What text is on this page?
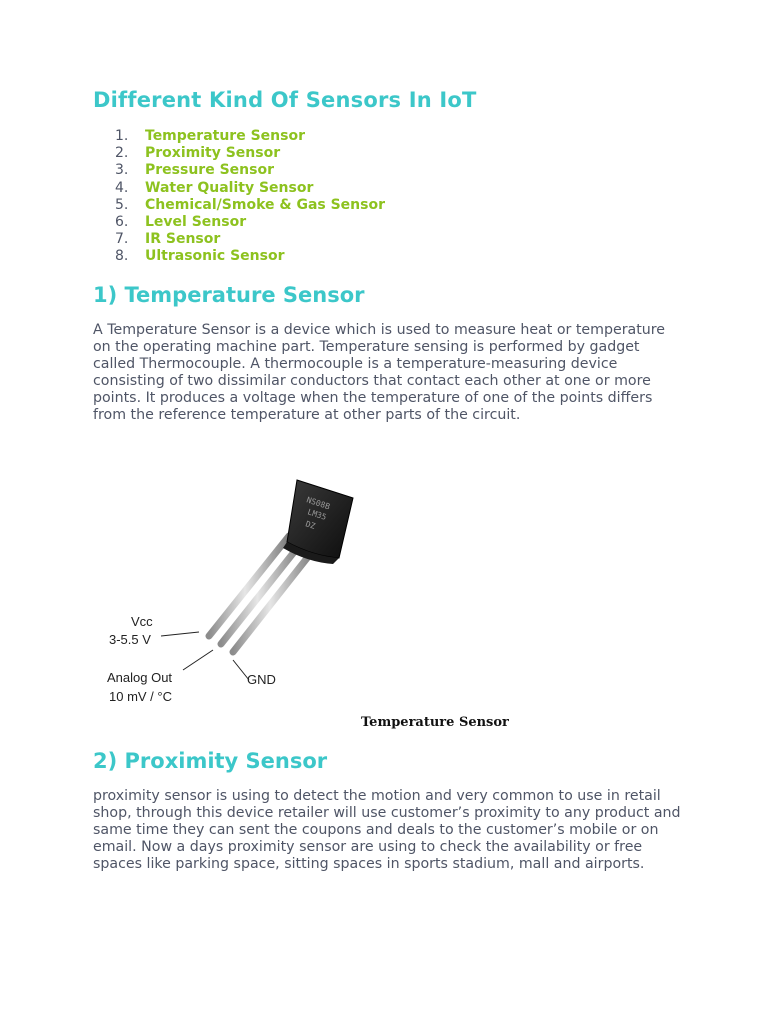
Different Kind Of Sensors In IoT
1. Temperature Sensor
2. Proximity Sensor
3. Pressure Sensor
4. Water Quality Sensor
5. Chemical/Smoke & Gas Sensor
6. Level Sensor
7. IR Sensor
8. Ultrasonic Sensor
1) Temperature Sensor

A Temperature Sensor is a device which is used to measure heat or temperature on the operating machine part. Temperature sensing is performed by gadget called Thermocouple. A thermocouple is a temperature-measuring device consisting of two dissimilar conductors that contact each other at one or more points. It produces a voltage when the temperature of one of the points differs from the reference temperature at other parts of the circuit.

NS08B
LM35
DZ
Vcc
3-5.5 V
Analog Out
10 mV / °C
GND
Temperature Sensor
2) Proximity Sensor

proximity sensor is using to detect the motion and very common to use in retail shop, through this device retailer will use customer’s proximity to any product and same time they can sent the coupons and deals to the customer’s mobile or on email. Now a days proximity sensor are using to check the availability or free spaces like parking space, sitting spaces in sports stadium, mall and airports.
